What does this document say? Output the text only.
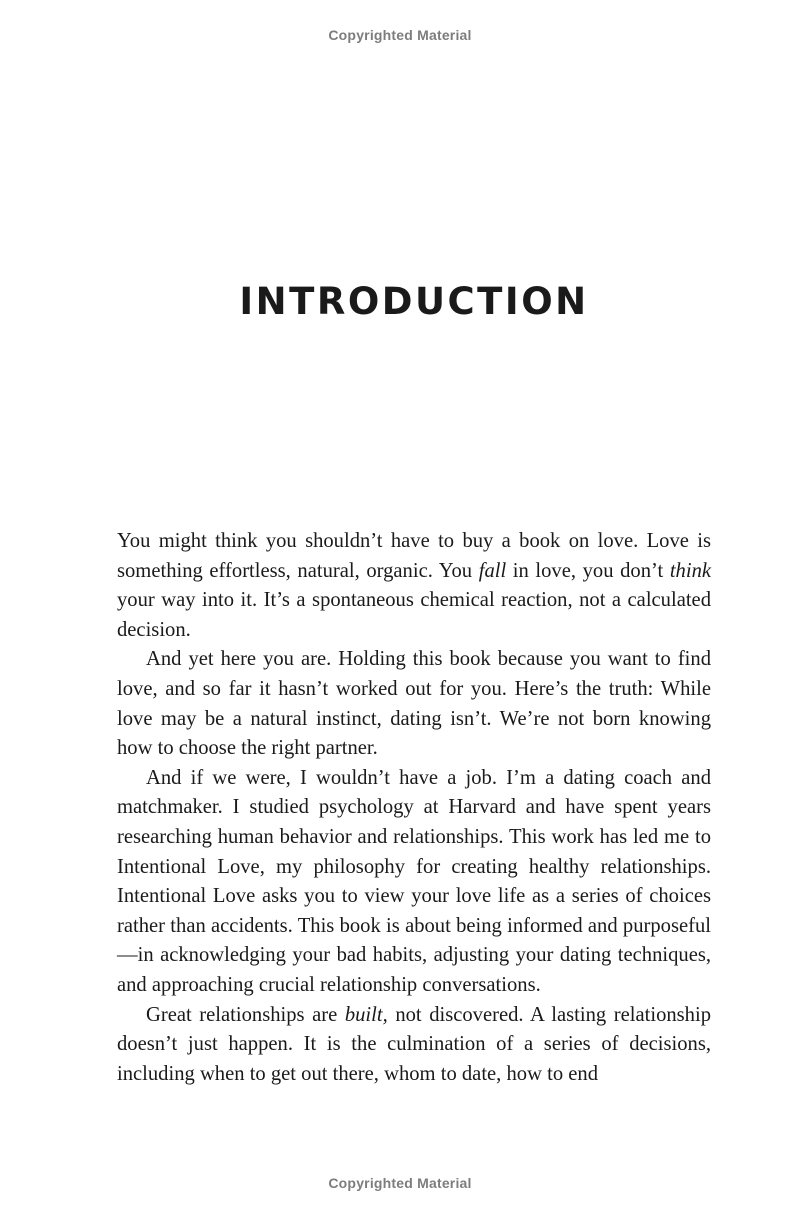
Copyrighted Material
INTRODUCTION

You might think you shouldn’t have to buy a book on love. Love is something effortless, natural, organic. You fall in love, you don’t think your way into it. It’s a spontaneous chemical reaction, not a calculated decision.

And yet here you are. Holding this book because you want to find love, and so far it hasn’t worked out for you. Here’s the truth: While love may be a natural instinct, dating isn’t. We’re not born knowing how to choose the right partner.

And if we were, I wouldn’t have a job. I’m a dating coach and matchmaker. I studied psychology at Harvard and have spent years researching human behavior and relationships. This work has led me to Intentional Love, my philosophy for creating healthy relationships. Intentional Love asks you to view your love life as a series of choices rather than accidents. This book is about being informed and purposeful—in acknowledging your bad habits, adjusting your dating techniques, and approaching crucial relationship conversations.

Great relationships are built, not discovered. A lasting relationship doesn’t just happen. It is the culmination of a series of decisions, including when to get out there, whom to date, how to end

Copyrighted Material
